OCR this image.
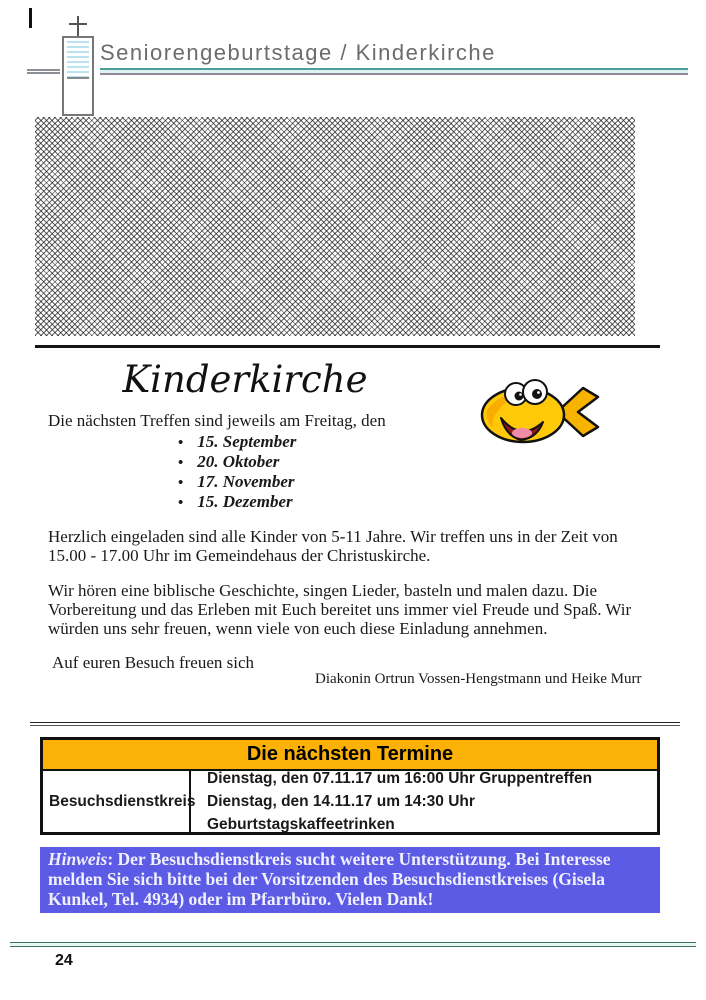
Seniorengeburtstage / Kinderkirche
Kinderkirche
Die nächsten Treffen sind jeweils am Freitag, den
• 15. September
• 20. Oktober
• 17. November
• 15. Dezember

Herzlich eingeladen sind alle Kinder von 5-11 Jahre. Wir treffen uns in der Zeit von 15.00 - 17.00 Uhr im Gemeindehaus der Christuskirche.

Wir hören eine biblische Geschichte, singen Lieder, basteln und malen dazu. Die Vorbereitung und das Erleben mit Euch bereitet uns immer viel Freude und Spaß. Wir würden uns sehr freuen, wenn viele von euch diese Einladung annehmen.

Auf euren Besuch freuen sich
Diakonin Ortrun Vossen-Hengstmann und Heike Murr
Die nächsten Termine
Besuchsdienstkreis
Dienstag, den 07.11.17 um 16:00 Uhr Gruppentreffen
Dienstag, den 14.11.17 um 14:30 Uhr Geburtstagskaffeetrinken
Hinweis: Der Besuchsdienstkreis sucht weitere Unterstützung. Bei Interesse melden Sie sich bitte bei der Vorsitzenden des Besuchsdienstkreises (Gisela Kunkel, Tel. 4934) oder im Pfarrbüro. Vielen Dank!
24
